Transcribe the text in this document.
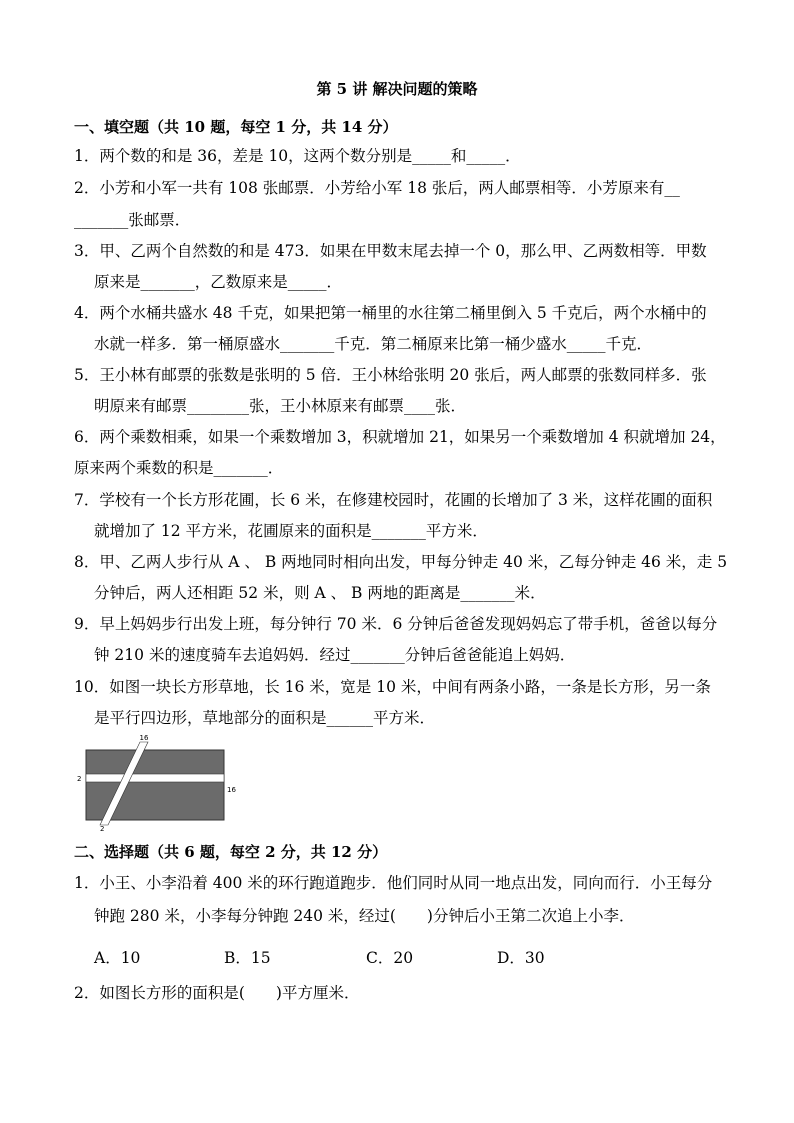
第 5 讲 解决问题的策略
一、填空题（共 10 题，每空 1 分，共 14 分）
1．两个数的和是 36，差是 10，这两个数分别是_____和_____．
2．小芳和小军一共有 108 张邮票．小芳给小军 18 张后，两人邮票相等．小芳原来有__
_______张邮票．
3．甲、乙两个自然数的和是 473．如果在甲数末尾去掉一个 0，那么甲、乙两数相等．甲数
原来是_______，乙数原来是_____．
4．两个水桶共盛水 48 千克，如果把第一桶里的水往第二桶里倒入 5 千克后，两个水桶中的
水就一样多．第一桶原盛水_______千克．第二桶原来比第一桶少盛水_____千克．
5．王小林有邮票的张数是张明的 5 倍．王小林给张明 20 张后，两人邮票的张数同样多．张
明原来有邮票________张，王小林原来有邮票____张．
6．两个乘数相乘，如果一个乘数增加 3，积就增加 21，如果另一个乘数增加 4 积就增加 24，
原来两个乘数的积是_______．
7．学校有一个长方形花圃，长 6 米，在修建校园时，花圃的长增加了 3 米，这样花圃的面积
就增加了 12 平方米，花圃原来的面积是_______平方米．
8．甲、乙两人步行从 A 、 B 两地同时相向出发，甲每分钟走 40 米，乙每分钟走 46 米，走 5
分钟后，两人还相距 52 米，则 A 、 B 两地的距离是_______米．
9．早上妈妈步行出发上班，每分钟行 70 米．6 分钟后爸爸发现妈妈忘了带手机，爸爸以每分
钟 210 米的速度骑车去追妈妈．经过_______分钟后爸爸能追上妈妈．
10．如图一块长方形草地，长 16 米，宽是 10 米，中间有两条小路，一条是长方形，另一条
是平行四边形，草地部分的面积是______平方米．
16
2
16
2
二、选择题（共 6 题，每空 2 分，共 12 分）
1．小王、小李沿着 400 米的环行跑道跑步．他们同时从同一地点出发，同向而行．小王每分
钟跑 280 米，小李每分钟跑 240 米，经过(　　)分钟后小王第二次追上小李．
A．10	B．15	C．20	D．30
2．如图长方形的面积是(　　)平方厘米．
